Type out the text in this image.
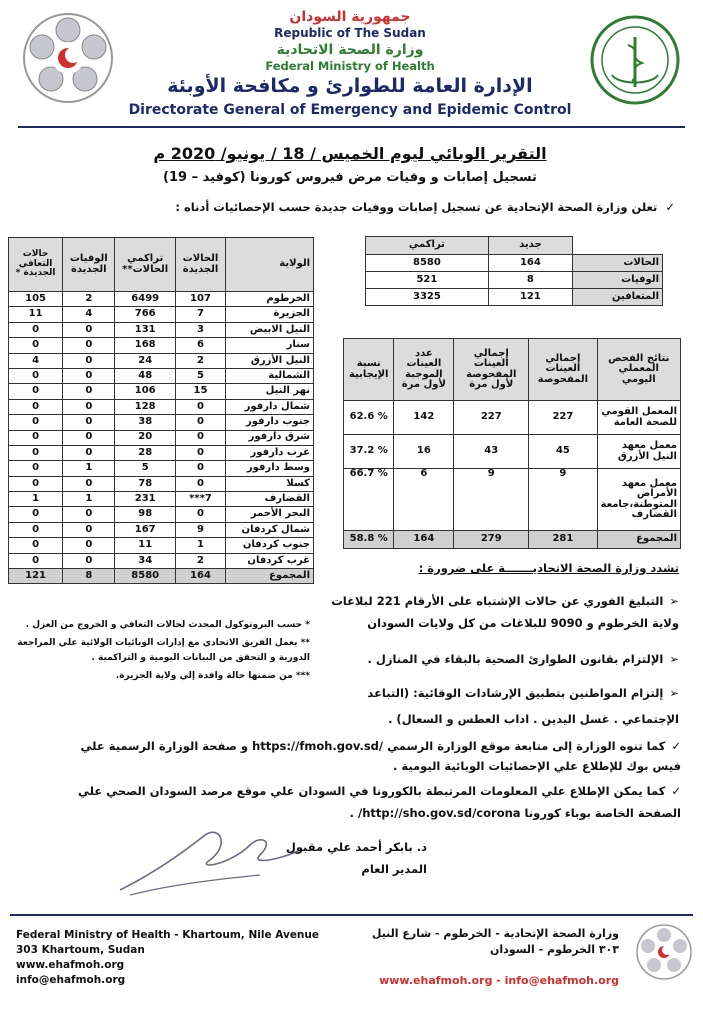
جمهورية السودان
Republic of The Sudan
وزارة الصحة الاتحادية
Federal Ministry of Health
الإدارة العامة للطوارئ و مكافحة الأوبئة
Directorate General of Emergency and Epidemic Control
التقرير الوبائي ليوم الخميس / 18 / يونيو/ 2020 م
تسجيل إصابات و وفيات مرض فيروس كورونا (كوفيد – 19)
✓تعلن وزارة الصحة الإتحادية عن تسجيل إصابات ووفيات جديدة حسب الإحصائيات أدناه :
	جديد	تراكمي
الحالات	164	8580
الوفيات	8	521
المتعافين	121	3325
نتائج الفحص المعملي اليومي	إجمالي العينات المفحوصة	إجمالي العينات المفحوصة لأول مرة	عدد العينات الموجبة لأول مرة	نسبة الإيجابية
المعمل القومي للصحة العامة	227	227	142	62.6 %
معمل معهد النيل الأزرق	45	43	16	37.2 %
معمل معهد الأمراض المتوطنة،جامعة القضارف	9	9	6	66.7 %
المجموع	281	279	164	58.8 %
الولاية	الحالات الجديدة	تراكمي الحالات**	الوفيات الجديدة	حالات التعافي الجديدة *
الخرطوم	107	6499	2	105
الجزيرة	7	766	4	11
النيل الابيض	3	131	0	0
سنار	6	168	0	0
النيل الأزرق	2	24	0	4
الشمالية	5	48	0	0
نهر النيل	15	106	0	0
شمال دارفور	0	128	0	0
جنوب دارفور	0	38	0	0
شرق دارفور	0	20	0	0
غرب دارفور	0	28	0	0
وسط دارفور	0	5	1	0
كسلا	0	78	0	0
القضارف	7***	231	1	1
البحر الأحمر	0	98	0	0
شمال كردفان	9	167	0	0
جنوب كردفان	1	11	0	0
غرب كردفان	2	34	0	0
المجموع	164	8580	8	121
* حسب البروتوكول المحدث لحالات التعافي و الخروج من العزل .
** يعمل الفريق الاتحادي مع إدارات الوبائيات الولائية علي المراجعة الدورية و التحقق من البيانات اليومية و التراكمية .
*** من ضمنها حالة وافدة إلي ولاية الجزيرة.
تشدد وزارة الصحة الاتحاديـــــــة على ضرورة :
➢التبليغ الفوري عن حالات الإشتباه على الأرقام 221 لبلاغات ولاية الخرطوم و 9090 للبلاغات من كل ولايات السودان
➢الإلتزام بقانون الطوارئ الصحية بالبقاء في المنازل .
➢إلتزام المواطنين بتطبيق الإرشادات الوقائية: (التباعد الإجتماعي . غسل اليدين . اداب العطس و السعال) .
✓كما تنوه الوزارة إلى متابعة موقع الوزارة الرسمي /https://fmoh.gov.sd و صفحة الوزارة الرسمية علي فيس بوك للإطلاع علي الإحصائيات الوبائية اليومية .
✓كما يمكن الإطلاع علي المعلومات المرتبطة بالكورونا في السودان علي موقع مرصد السودان الصحي علي الصفحة الخاصة بوباء كورونا http://sho.gov.sd/corona/ .
د. بابكر أحمد علي مقبول
المدير العام
Federal Ministry of Health - Khartoum, Nile Avenue
303 Khartoum, Sudan
www.ehafmoh.org
info@ehafmoh.org
وزارة الصحة الإتحادية - الخرطوم - شارع النيل
٣٠٣ الخرطوم - السودان
www.ehafmoh.org - info@ehafmoh.org
